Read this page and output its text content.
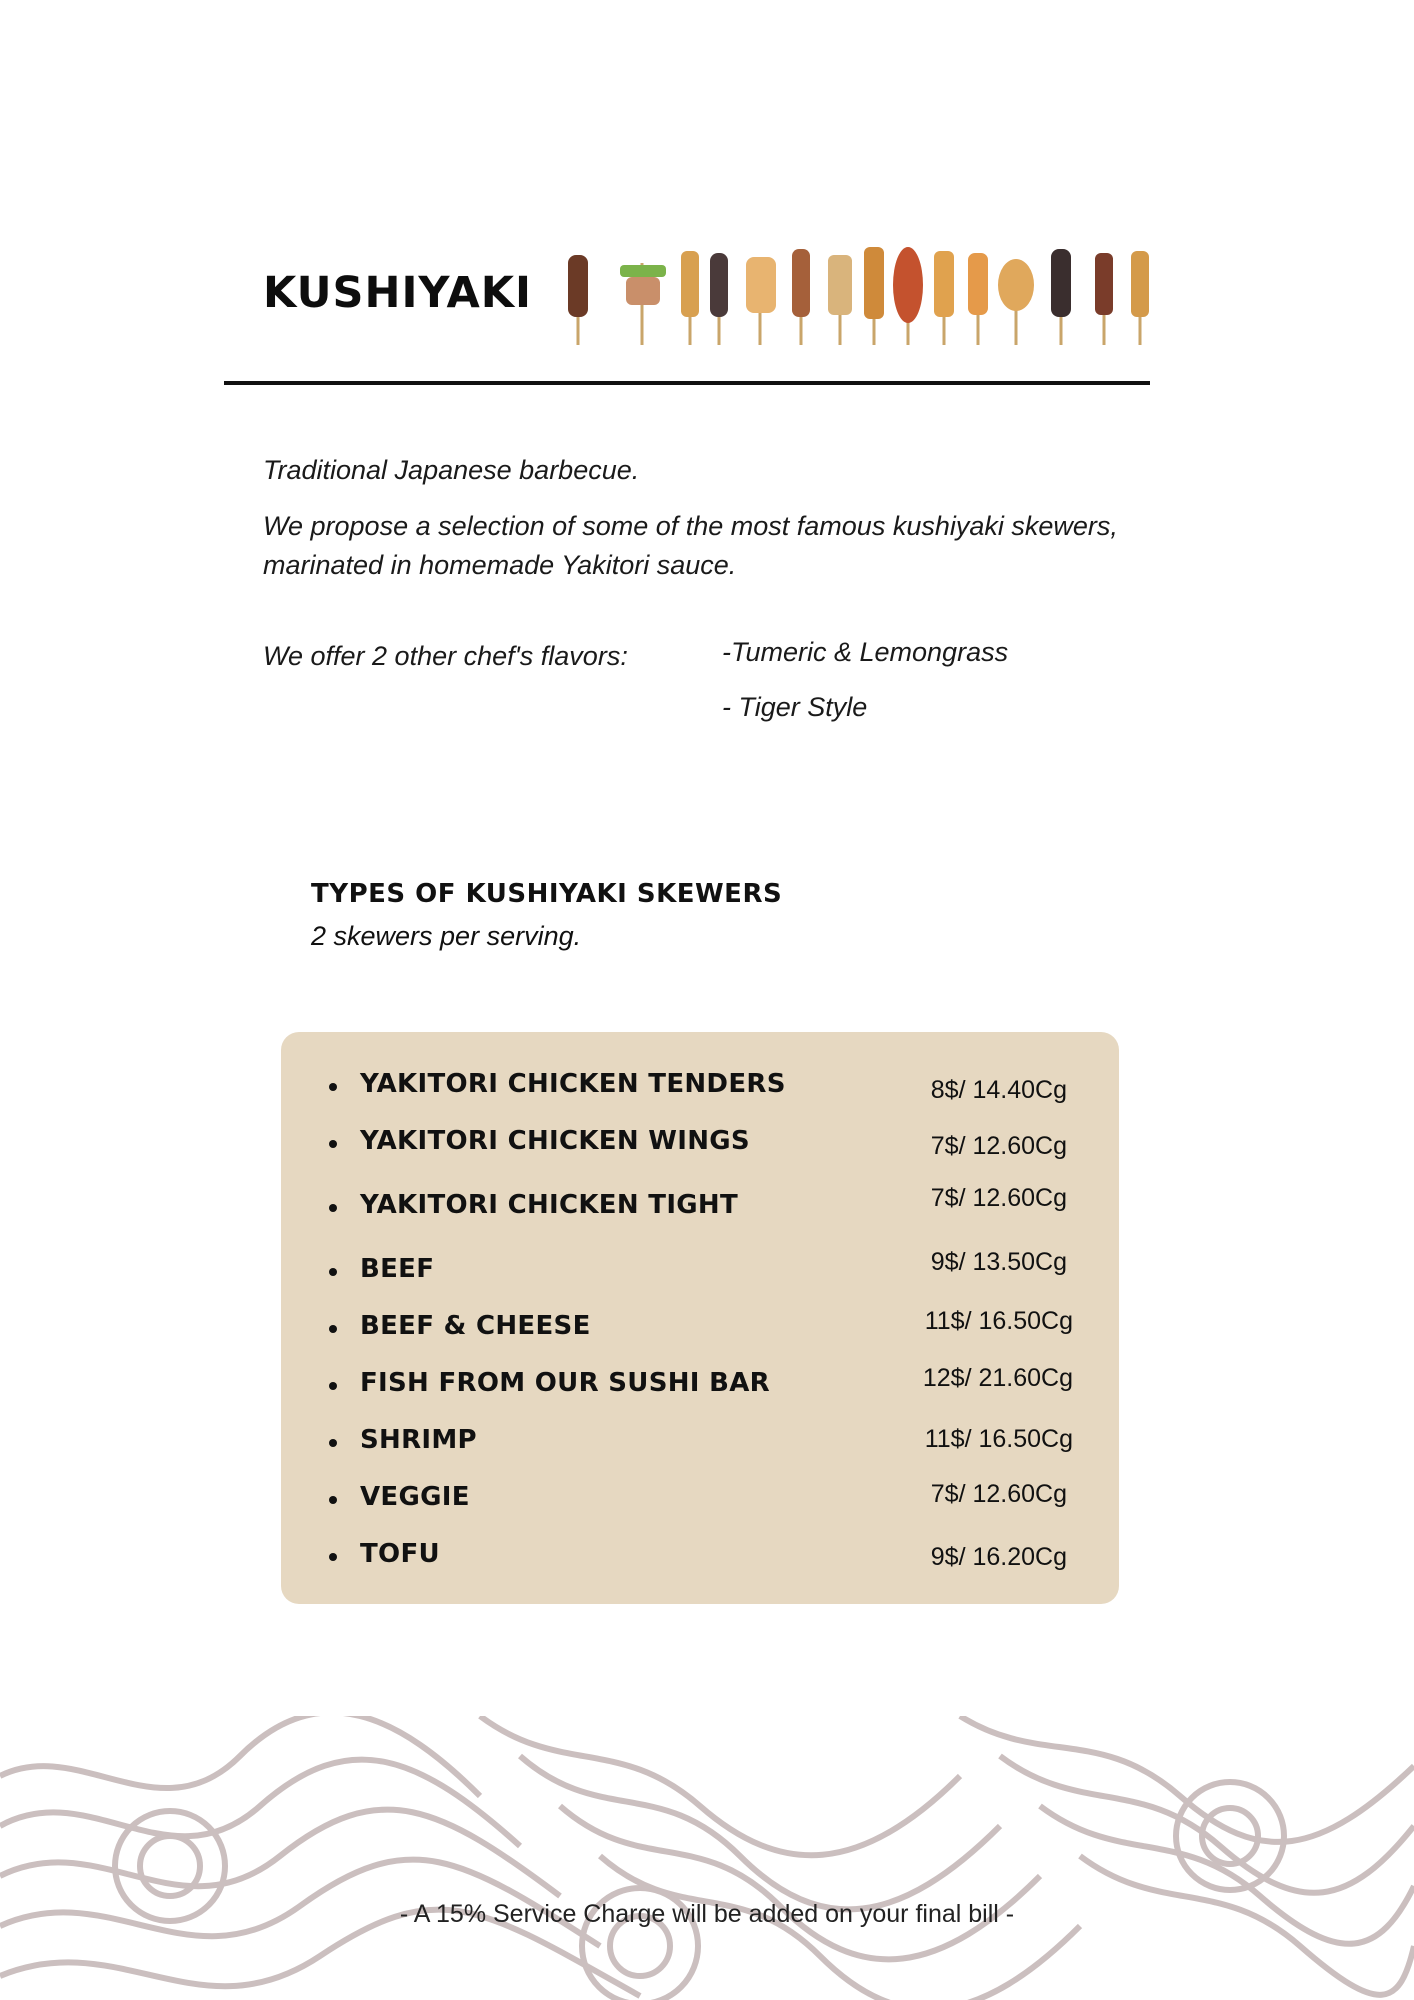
KUSHIYAKI

Traditional Japanese barbecue.

We propose a selection of some of the most famous kushiyaki skewers,

marinated in homemade Yakitori sauce.

We offer 2 other chef's flavors:	-Tumeric & Lemongrass

- Tiger Style

TYPES OF KUSHIYAKI SKEWERS

2 skewers per serving.

YAKITORI CHICKEN TENDERS	8$/ 14.40Cg
YAKITORI CHICKEN WINGS	7$/ 12.60Cg
YAKITORI CHICKEN TIGHT	7$/ 12.60Cg
BEEF	9$/ 13.50Cg
BEEF & CHEESE	11$/ 16.50Cg
FISH FROM OUR SUSHI BAR	12$/ 21.60Cg
SHRIMP	11$/ 16.50Cg
VEGGIE	7$/ 12.60Cg
TOFU	9$/ 16.20Cg

- A 15% Service Charge will be added on your final bill -
